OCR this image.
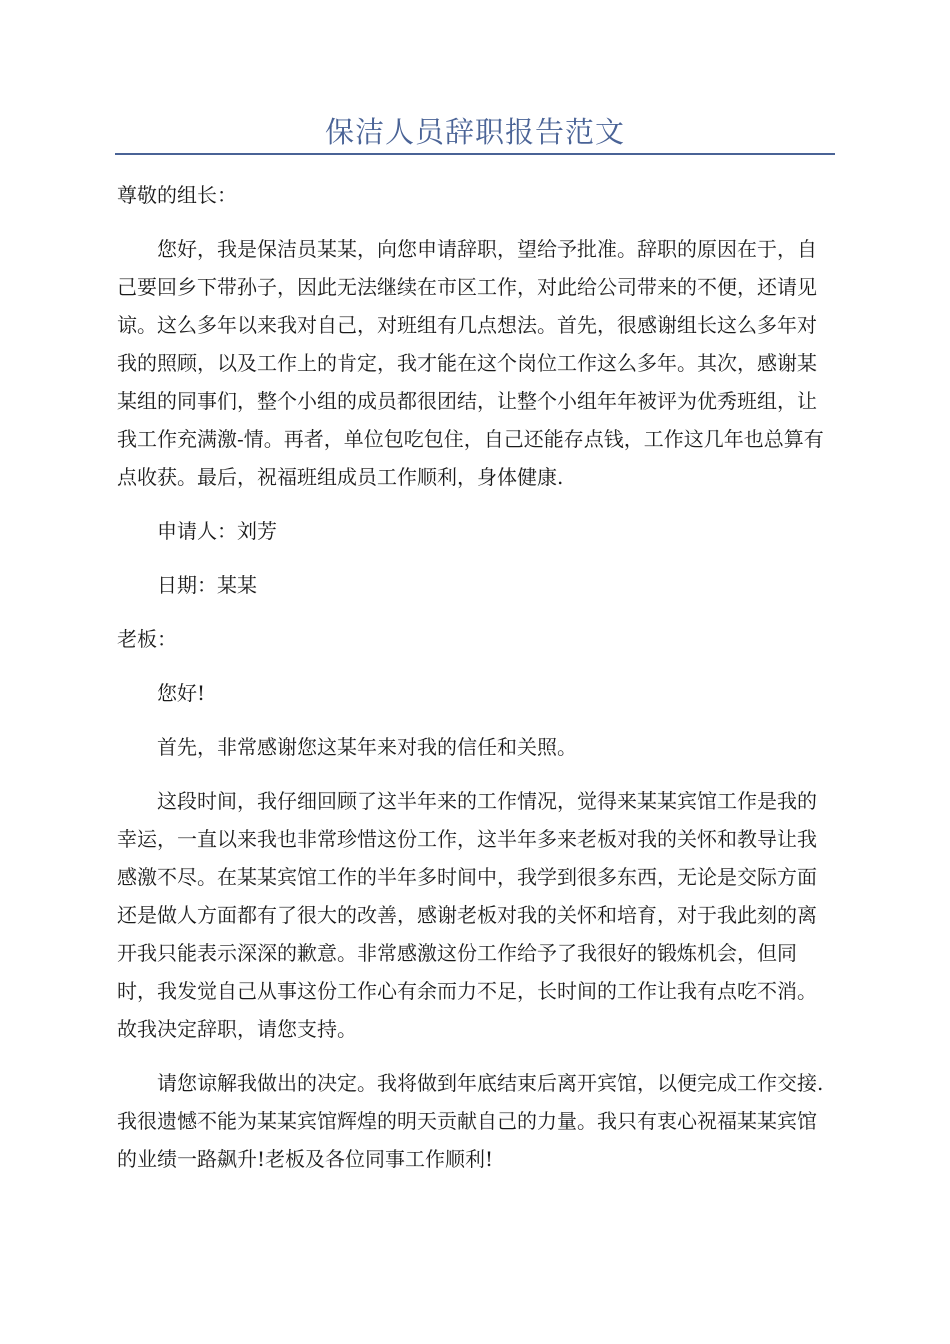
保洁人员辞职报告范文

尊敬的组长：

您好，我是保洁员某某，向您申请辞职，望给予批准。辞职的原因在于，自己要回乡下带孙子，因此无法继续在市区工作，对此给公司带来的不便，还请见谅。这么多年以来我对自己，对班组有几点想法。首先，很感谢组长这么多年对我的照顾，以及工作上的肯定，我才能在这个岗位工作这么多年。其次，感谢某某组的同事们，整个小组的成员都很团结，让整个小组年年被评为优秀班组，让我工作充满激-情。再者，单位包吃包住，自己还能存点钱，工作这几年也总算有点收获。最后，祝福班组成员工作顺利，身体健康.

申请人：刘芳

日期：某某

老板：

您好!

首先，非常感谢您这某年来对我的信任和关照。

这段时间，我仔细回顾了这半年来的工作情况，觉得来某某宾馆工作是我的幸运，一直以来我也非常珍惜这份工作，这半年多来老板对我的关怀和教导让我感激不尽。在某某宾馆工作的半年多时间中，我学到很多东西，无论是交际方面还是做人方面都有了很大的改善，感谢老板对我的关怀和培育，对于我此刻的离开我只能表示深深的歉意。非常感激这份工作给予了我很好的锻炼机会，但同时，我发觉自己从事这份工作心有余而力不足，长时间的工作让我有点吃不消。故我决定辞职，请您支持。

请您谅解我做出的决定。我将做到年底结束后离开宾馆，以便完成工作交接.我很遗憾不能为某某宾馆辉煌的明天贡献自己的力量。我只有衷心祝福某某宾馆的业绩一路飙升!老板及各位同事工作顺利!
